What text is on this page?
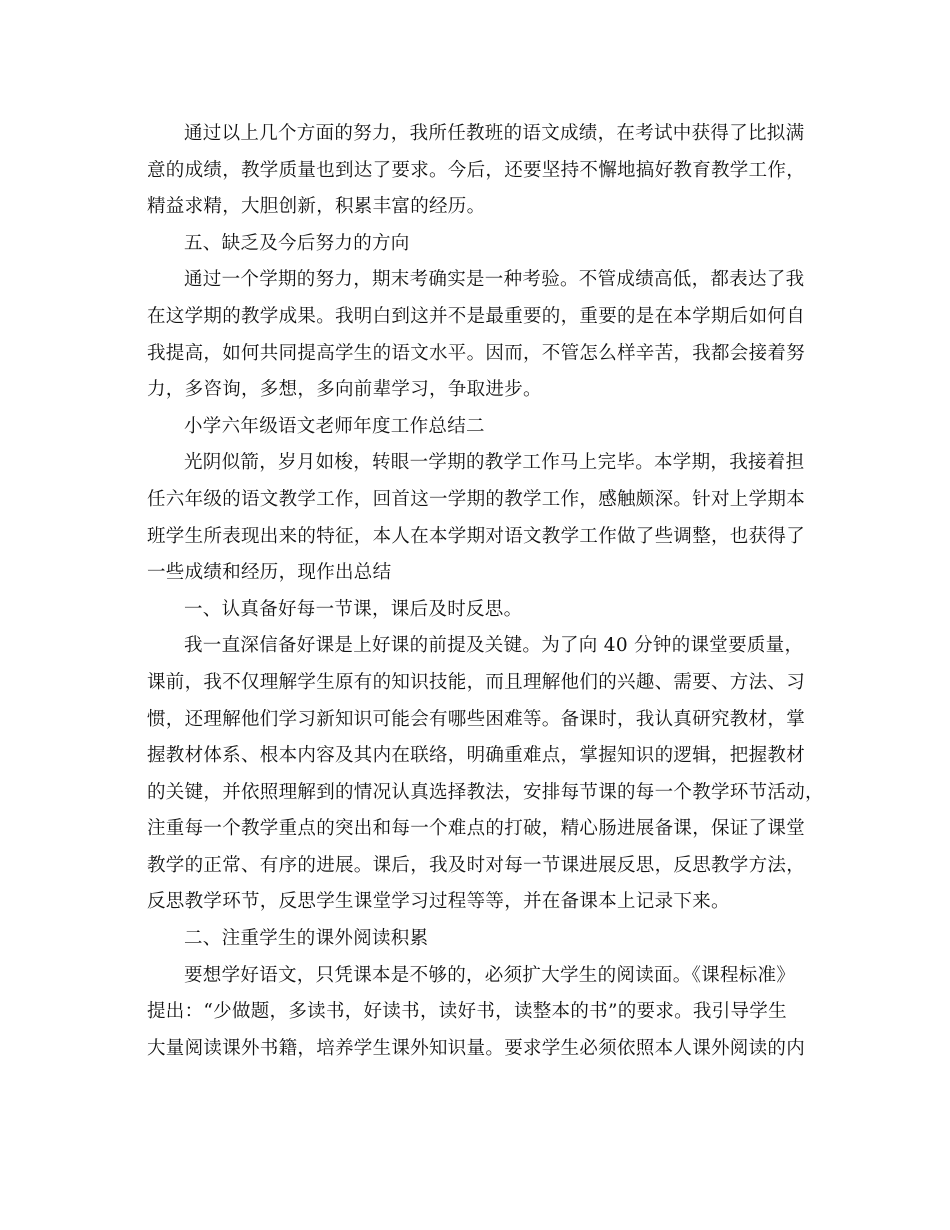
通过以上几个方面的努力，我所任教班的语文成绩，在考试中获得了比拟满
意的成绩，教学质量也到达了要求。今后，还要坚持不懈地搞好教育教学工作，
精益求精，大胆创新，积累丰富的经历。
五、缺乏及今后努力的方向
通过一个学期的努力，期末考确实是一种考验。不管成绩高低，都表达了我
在这学期的教学成果。我明白到这并不是最重要的，重要的是在本学期后如何自
我提高，如何共同提高学生的语文水平。因而，不管怎么样辛苦，我都会接着努
力，多咨询，多想，多向前辈学习，争取进步。
小学六年级语文老师年度工作总结二
光阴似箭，岁月如梭，转眼一学期的教学工作马上完毕。本学期，我接着担
任六年级的语文教学工作，回首这一学期的教学工作，感触颇深。针对上学期本
班学生所表现出来的特征，本人在本学期对语文教学工作做了些调整，也获得了
一些成绩和经历，现作出总结
一、认真备好每一节课，课后及时反思。
我一直深信备好课是上好课的前提及关键。为了向 40 分钟的课堂要质量，
课前，我不仅理解学生原有的知识技能，而且理解他们的兴趣、需要、方法、习
惯，还理解他们学习新知识可能会有哪些困难等。备课时，我认真研究教材，掌
握教材体系、根本内容及其内在联络，明确重难点，掌握知识的逻辑，把握教材
的关键，并依照理解到的情况认真选择教法，安排每节课的每一个教学环节活动，
注重每一个教学重点的突出和每一个难点的打破，精心肠进展备课，保证了课堂
教学的正常、有序的进展。课后，我及时对每一节课进展反思，反思教学方法，
反思教学环节，反思学生课堂学习过程等等，并在备课本上记录下来。
二、注重学生的课外阅读积累
要想学好语文，只凭课本是不够的，必须扩大学生的阅读面。《课程标准》
提出：“少做题，多读书，好读书，读好书，读整本的书”的要求。我引导学生
大量阅读课外书籍，培养学生课外知识量。要求学生必须依照本人课外阅读的内
